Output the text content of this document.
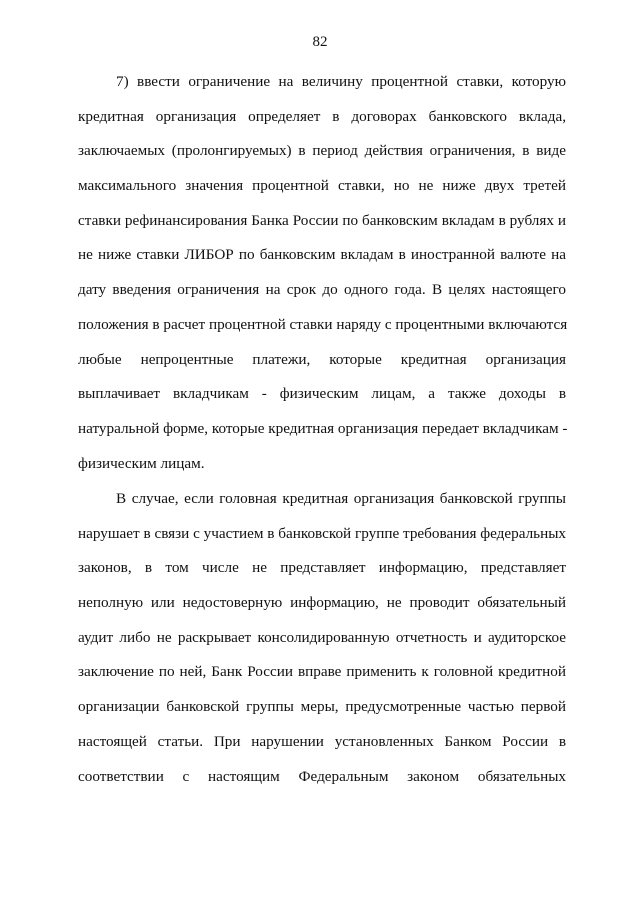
82
7) ввести ограничение на величину процентной ставки, которую
кредитная организация определяет в договорах банковского вклада,
заключаемых (пролонгируемых) в период действия ограничения, в виде
максимального значения процентной ставки, но не ниже двух третей
ставки рефинансирования Банка России по банковским вкладам в рублях и
не ниже ставки ЛИБОР по банковским вкладам в иностранной валюте на
дату введения ограничения на срок до одного года. В целях настоящего
положения в расчет процентной ставки наряду с процентными включаются
любые непроцентные платежи, которые кредитная организация
выплачивает вкладчикам - физическим лицам, а также доходы в
натуральной форме, которые кредитная организация передает вкладчикам -
физическим лицам.
В случае, если головная кредитная организация банковской группы
нарушает в связи с участием в банковской группе требования федеральных
законов, в том числе не представляет информацию, представляет
неполную или недостоверную информацию, не проводит обязательный
аудит либо не раскрывает консолидированную отчетность и аудиторское
заключение по ней, Банк России вправе применить к головной кредитной
организации банковской группы меры, предусмотренные частью первой
настоящей статьи. При нарушении установленных Банком России в
соответствии с настоящим Федеральным законом обязательных
